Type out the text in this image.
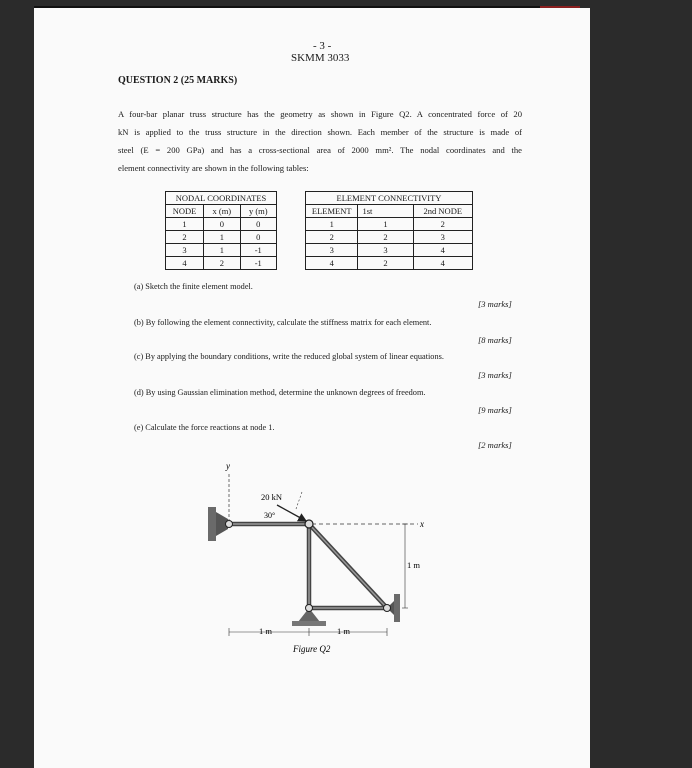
- 3 -
SKMM 3033
QUESTION 2 (25 MARKS)
A four-bar planar truss structure has the geometry as shown in Figure Q2. A concentrated force of 20
kN is applied to the truss structure in the direction shown. Each member of the structure is made of
steel (E = 200 GPa) and has a cross-sectional area of 2000 mm². The nodal coordinates and the
element connectivity are shown in the following tables:
NODAL COORDINATES		
NODE	x (m)	y (m)
1	0	0
2	1	0
3	1	-1
4	2	-1
ELEMENT CONNECTIVITY		
ELEMENT	1st	2nd NODE
1	1	2
2	2	3
3	3	4
4	2	4
(a) Sketch the finite element model.
[3 marks]
(b) By following the element connectivity, calculate the stiffness matrix for each element.
[8 marks]
(c) By applying the boundary conditions, write the reduced global system of linear equations.
[3 marks]
(d) By using Gaussian elimination method, determine the unknown degrees of freedom.
[9 marks]
(e) Calculate the force reactions at node 1.
[2 marks]
y
x
20 kN
30°
1 m
1 m	1 m
Figure Q2
